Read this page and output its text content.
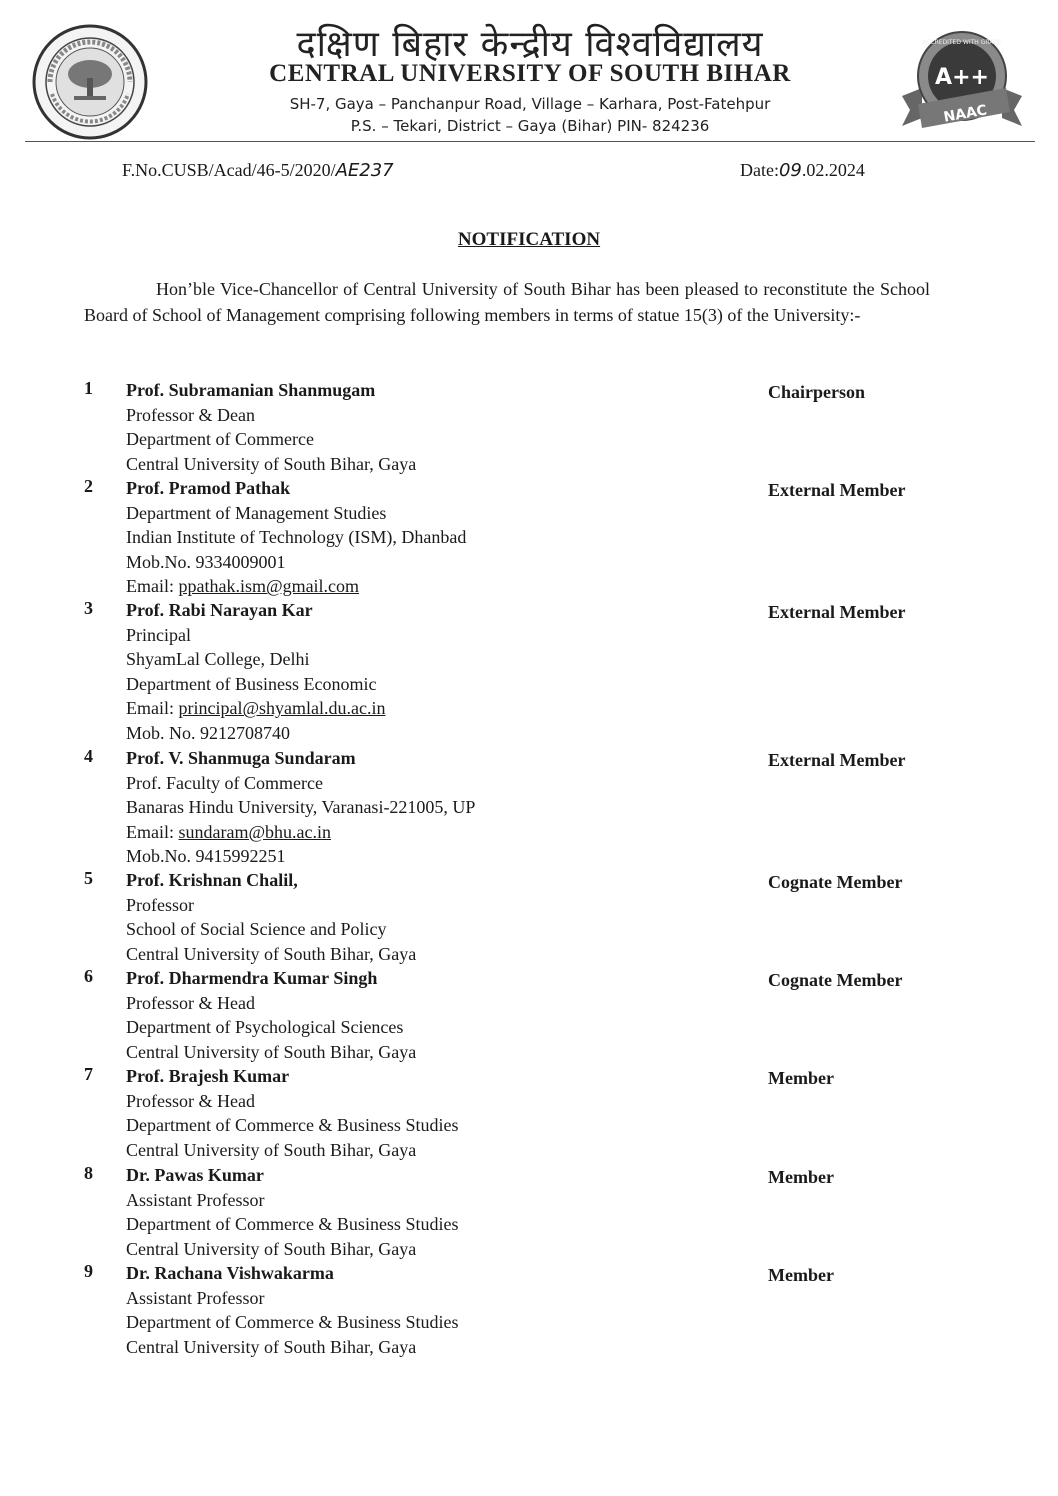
दक्षिण बिहार केन्द्रीय विश्वविद्यालय
CENTRAL UNIVERSITY OF SOUTH BIHAR
SH-7, Gaya – Panchanpur Road, Village – Karhara, Post-Fatehpur
P.S. – Tekari, District – Gaya (Bihar) PIN- 824236
ACCREDITED WITH GRADE
A++
NAAC
F.No.CUSB/Acad/46-5/2020/AE237	Date:09.02.2024
NOTIFICATION
Hon’ble Vice-Chancellor of Central University of South Bihar has been pleased to reconstitute the School Board of School of Management comprising following members in terms of statue 15(3) of the University:-
1 Prof. Subramanian Shanmugam
Professor & Dean
Department of Commerce
Central University of South Bihar, Gaya
Chairperson
2 Prof. Pramod Pathak
Department of Management Studies
Indian Institute of Technology (ISM), Dhanbad
Mob.No. 9334009001
Email: ppathak.ism@gmail.com
External Member
3 Prof. Rabi Narayan Kar
Principal
ShyamLal College, Delhi
Department of Business Economic
Email: principal@shyamlal.du.ac.in
Mob. No. 9212708740
External Member
4 Prof. V. Shanmuga Sundaram
Prof. Faculty of Commerce
Banaras Hindu University, Varanasi-221005, UP
Email: sundaram@bhu.ac.in
Mob.No. 9415992251
External Member
5 Prof. Krishnan Chalil,
Professor
School of Social Science and Policy
Central University of South Bihar, Gaya
Cognate Member
6 Prof. Dharmendra Kumar Singh
Professor & Head
Department of Psychological Sciences
Central University of South Bihar, Gaya
Cognate Member
7 Prof. Brajesh Kumar
Professor & Head
Department of Commerce & Business Studies
Central University of South Bihar, Gaya
Member
8 Dr. Pawas Kumar
Assistant Professor
Department of Commerce & Business Studies
Central University of South Bihar, Gaya
Member
9 Dr. Rachana Vishwakarma
Assistant Professor
Department of Commerce & Business Studies
Central University of South Bihar, Gaya
Member
